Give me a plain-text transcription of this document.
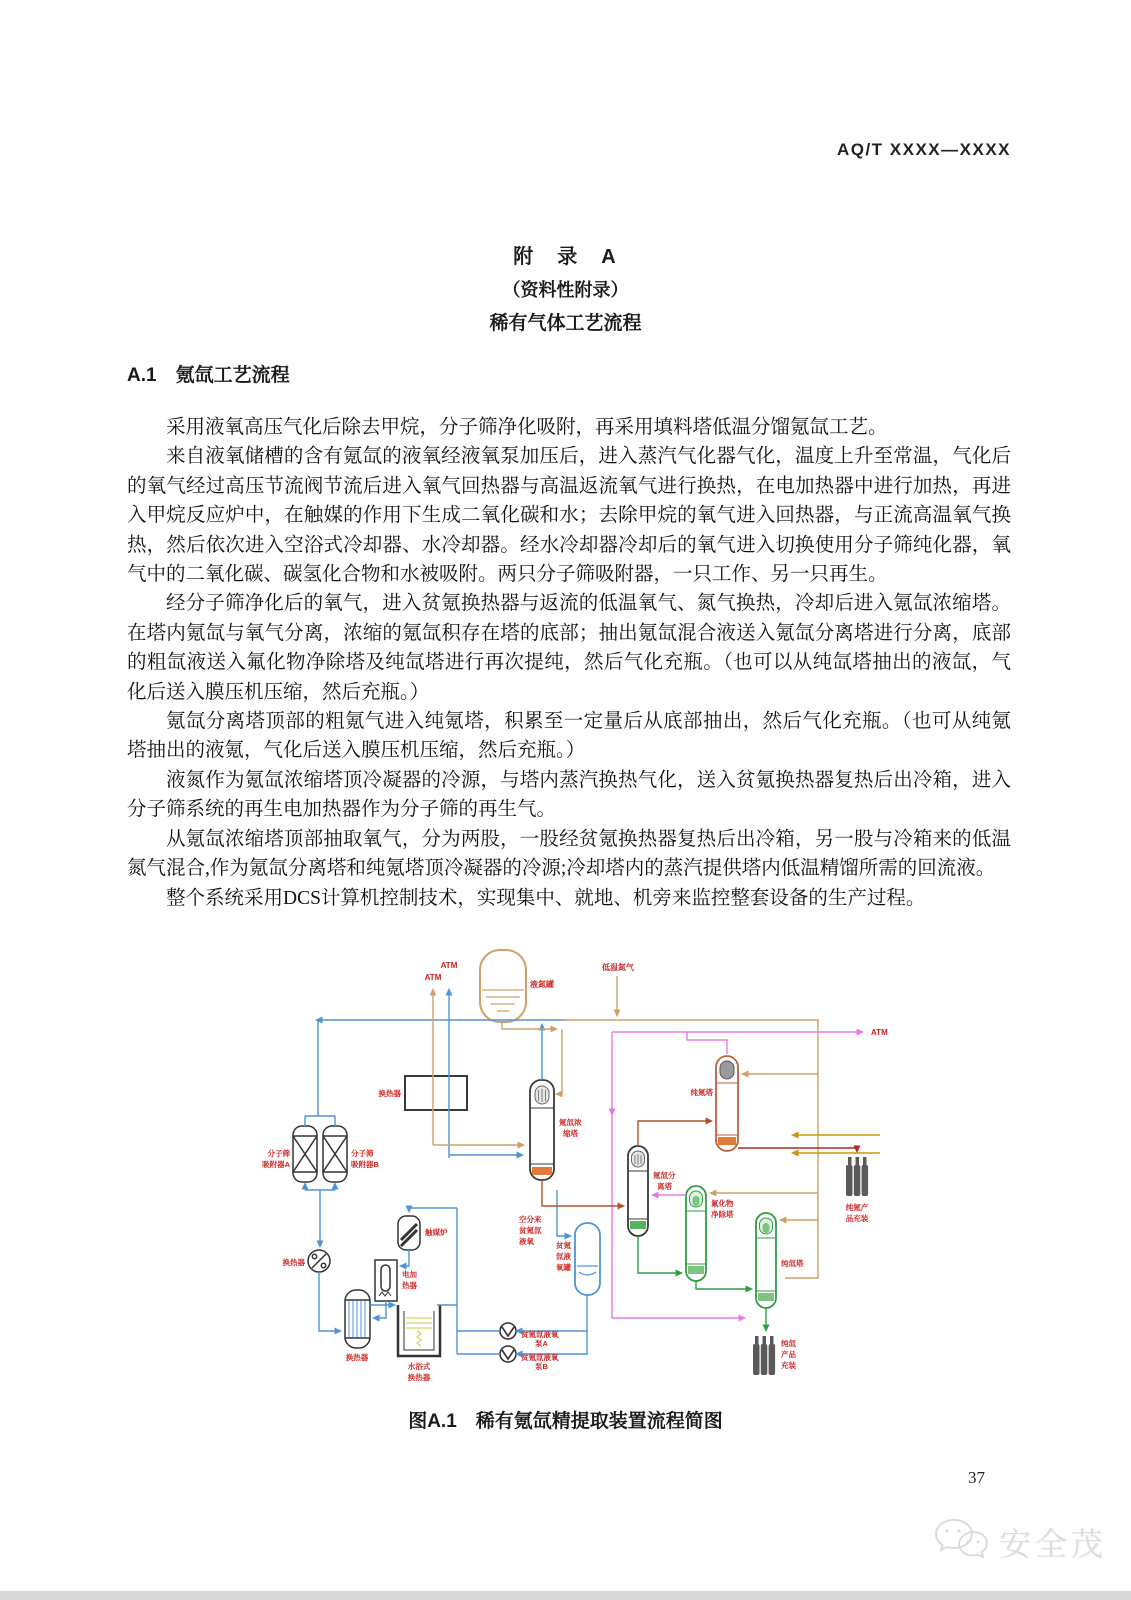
AQ/T XXXX—XXXX
附　录　A
（资料性附录）
稀有气体工艺流程
A.1　氪氙工艺流程

采用液氧高压气化后除去甲烷，分子筛净化吸附，再采用填料塔低温分馏氪氙工艺。

来自液氧储槽的含有氪氙的液氧经液氧泵加压后，进入蒸汽气化器气化，温度上升至常温，气化后的氧气经过高压节流阀节流后进入氧气回热器与高温返流氧气进行换热，在电加热器中进行加热，再进入甲烷反应炉中，在触媒的作用下生成二氧化碳和水；去除甲烷的氧气进入回热器，与正流高温氧气换热，然后依次进入空浴式冷却器、水冷却器。经水冷却器冷却后的氧气进入切换使用分子筛纯化器，氧气中的二氧化碳、碳氢化合物和水被吸附。两只分子筛吸附器，一只工作、另一只再生。

经分子筛净化后的氧气，进入贫氪换热器与返流的低温氧气、氮气换热，冷却后进入氪氙浓缩塔。在塔内氪氙与氧气分离，浓缩的氪氙积存在塔的底部；抽出氪氙混合液送入氪氙分离塔进行分离，底部的粗氙液送入氟化物净除塔及纯氙塔进行再次提纯，然后气化充瓶。（也可以从纯氙塔抽出的液氙，气化后送入膜压机压缩，然后充瓶。）

氪氙分离塔顶部的粗氪气进入纯氪塔，积累至一定量后从底部抽出，然后气化充瓶。（也可从纯氪塔抽出的液氪，气化后送入膜压机压缩，然后充瓶。）

液氮作为氪氙浓缩塔顶冷凝器的冷源，与塔内蒸汽换热气化，送入贫氪换热器复热后出冷箱，进入分子筛系统的再生电加热器作为分子筛的再生气。

从氪氙浓缩塔顶部抽取氧气，分为两股，一股经贫氪换热器复热后出冷箱，另一股与冷箱来的低温氮气混合,作为氪氙分离塔和纯氪塔顶冷凝器的冷源;冷却塔内的蒸汽提供塔内低温精馏所需的回流液。

整个系统采用DCS计算机控制技术，实现集中、就地、机旁来监控整套设备的生产过程。

ATM
ATM
ATM
液氮罐
低温氮气
换热器
分子筛
吸附器A
分子筛
吸附器B
换热器
触媒炉
电加
热器
换热器
水浴式
换热器
空分来
贫氪氙
液氧	贫氪
氙液
氧罐
贫氪氙液氧
泵A
贫氪氙液氧
泵B
氪氙浓
缩塔
氪氙分
离塔
纯氪塔
氟化物
净除塔
纯氙塔
纯氙
产品
充装
纯氪产
品充装
图A.1　稀有氪氙精提取装置流程简图
37
安全茂
